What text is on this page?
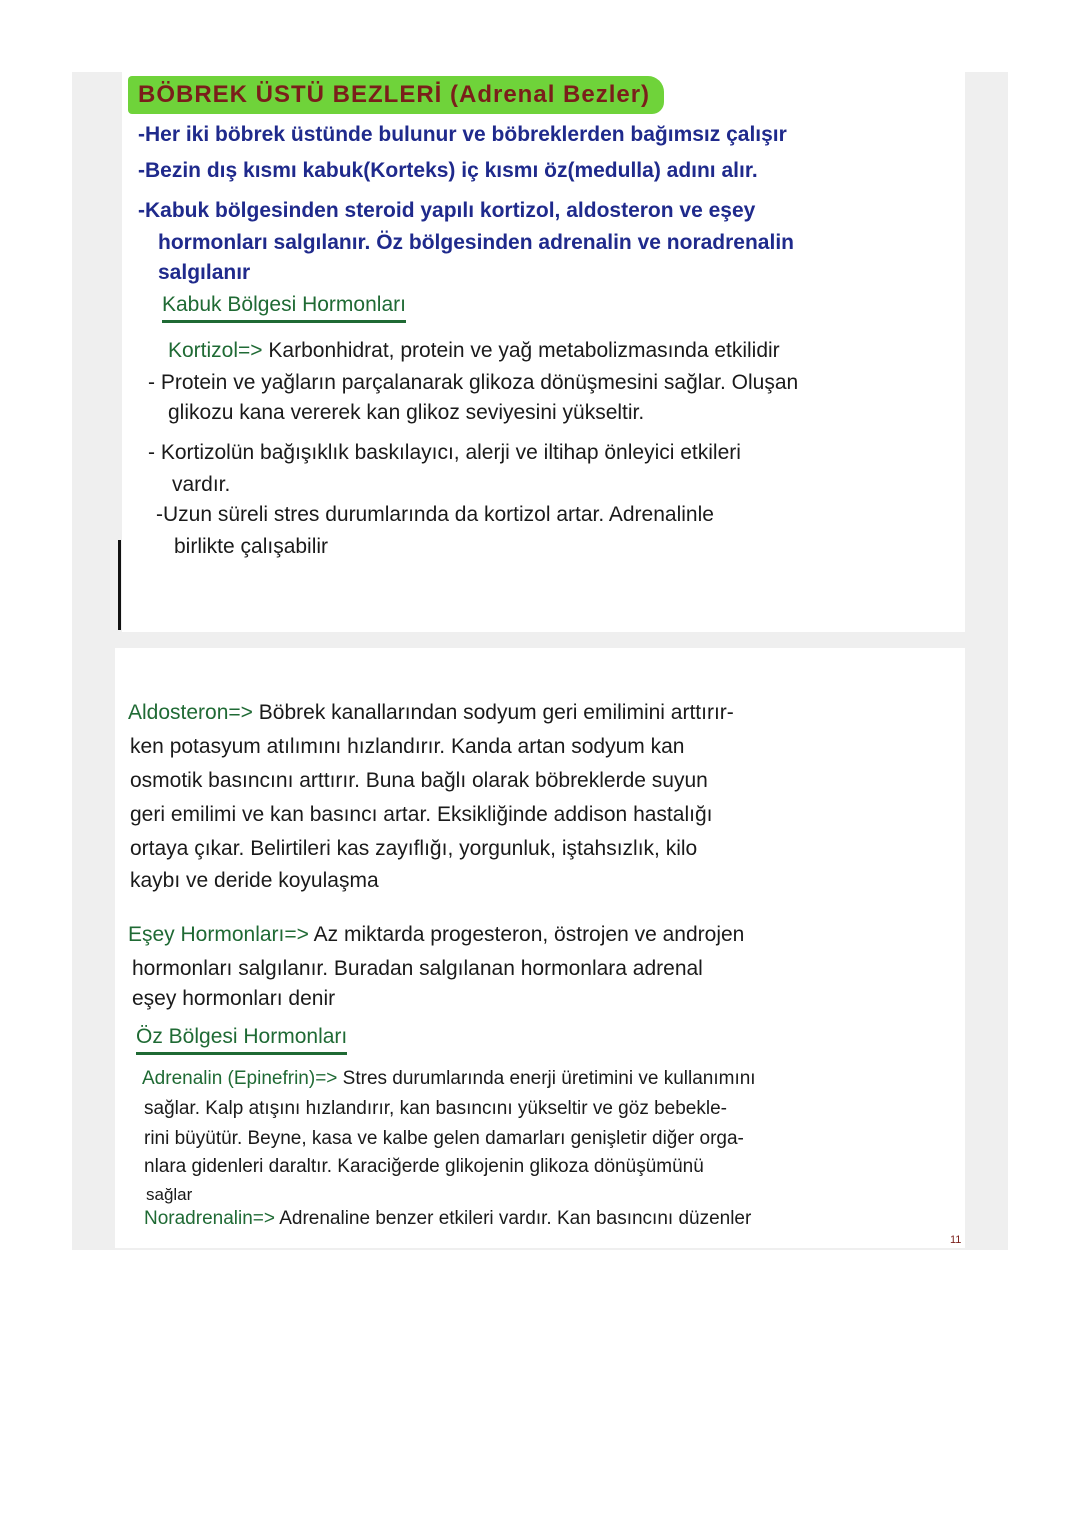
BÖBREK ÜSTÜ BEZLERİ (Adrenal Bezler)
-Her iki böbrek üstünde bulunur ve böbreklerden bağımsız çalışır
-Bezin dış kısmı kabuk(Korteks) iç kısmı öz(medulla) adını alır.
-Kabuk bölgesinden steroid yapılı kortizol, aldosteron ve eşey
hormonları salgılanır. Öz bölgesinden adrenalin ve noradrenalin
salgılanır
Kabuk Bölgesi Hormonları
Kortizol=> Karbonhidrat, protein ve yağ metabolizmasında etkilidir
- Protein ve yağların parçalanarak glikoza dönüşmesini sağlar. Oluşan
glikozu kana vererek kan glikoz seviyesini yükseltir.
- Kortizolün bağışıklık baskılayıcı, alerji ve iltihap önleyici etkileri
vardır.
-Uzun süreli stres durumlarında da kortizol artar. Adrenalinle
birlikte çalışabilir
Aldosteron=> Böbrek kanallarından sodyum geri emilimini arttırır-
ken potasyum atılımını hızlandırır. Kanda artan sodyum kan
osmotik basıncını arttırır. Buna bağlı olarak böbreklerde suyun
geri emilimi ve kan basıncı artar. Eksikliğinde addison hastalığı
ortaya çıkar. Belirtileri kas zayıflığı, yorgunluk, iştahsızlık, kilo
kaybı ve deride koyulaşma
Eşey Hormonları=> Az miktarda progesteron, östrojen ve androjen
hormonları salgılanır. Buradan salgılanan hormonlara adrenal
eşey hormonları denir
Öz Bölgesi Hormonları
Adrenalin (Epinefrin)=> Stres durumlarında enerji üretimini ve kullanımını
sağlar. Kalp atışını hızlandırır, kan basıncını yükseltir ve göz bebekle-
rini büyütür. Beyne, kasa ve kalbe gelen damarları genişletir diğer orga-
nlara gidenleri daraltır. Karaciğerde glikojenin glikoza dönüşümünü
sağlar
Noradrenalin=> Adrenaline benzer etkileri vardır. Kan basıncını düzenler
11
